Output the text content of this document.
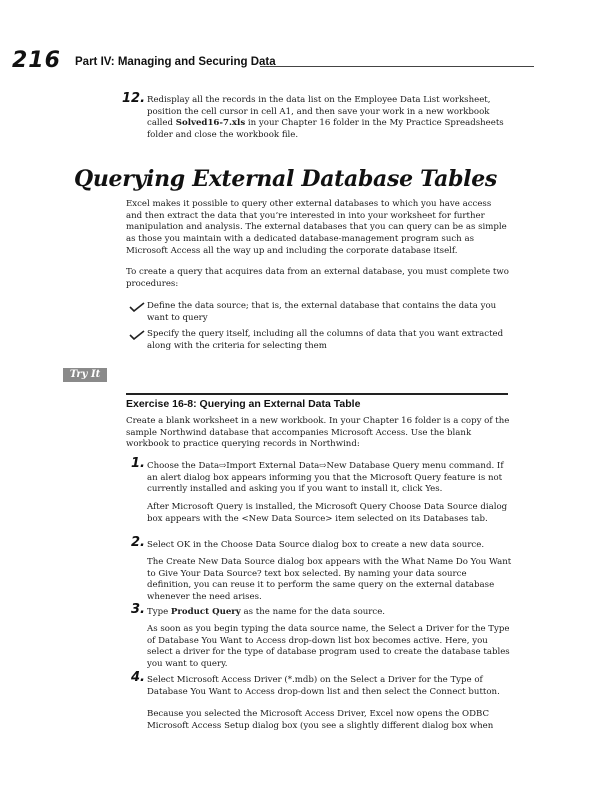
216 Part IV: Managing and Securing Data
12. Redisplay all the records in the data list on the Employee Data List worksheet, position the cell cursor in cell A1, and then save your work in a new workbook called Solved16-7.xls in your Chapter 16 folder in the My Practice Spreadsheets folder and close the workbook file.
Querying External Database Tables
Excel makes it possible to query other external databases to which you have access and then extract the data that you’re interested in into your worksheet for further manipulation and analysis. The external databases that you can query can be as simple as those you maintain with a dedicated database-management program such as Microsoft Access all the way up and including the corporate database itself.
To create a query that acquires data from an external database, you must complete two procedures:
Define the data source; that is, the external database that contains the data you want to query
Specify the query itself, including all the columns of data that you want extracted along with the criteria for selecting them
Try It
Exercise 16-8: Querying an External Data Table
Create a blank worksheet in a new workbook. In your Chapter 16 folder is a copy of the sample Northwind database that accompanies Microsoft Access. Use the blank workbook to practice querying records in Northwind:
1. Choose the Data⇨Import External Data⇨New Database Query menu command. If an alert dialog box appears informing you that the Microsoft Query feature is not currently installed and asking you if you want to install it, click Yes.
After Microsoft Query is installed, the Microsoft Query Choose Data Source dialog box appears with the <New Data Source> item selected on its Databases tab.
2. Select OK in the Choose Data Source dialog box to create a new data source.
The Create New Data Source dialog box appears with the What Name Do You Want to Give Your Data Source? text box selected. By naming your data source definition, you can reuse it to perform the same query on the external database whenever the need arises.
3. Type Product Query as the name for the data source.
As soon as you begin typing the data source name, the Select a Driver for the Type of Database You Want to Access drop-down list box becomes active. Here, you select a driver for the type of database program used to create the database tables you want to query.
4. Select Microsoft Access Driver (*.mdb) on the Select a Driver for the Type of Database You Want to Access drop-down list and then select the Connect button.
Because you selected the Microsoft Access Driver, Excel now opens the ODBC Microsoft Access Setup dialog box (you see a slightly different dialog box when
